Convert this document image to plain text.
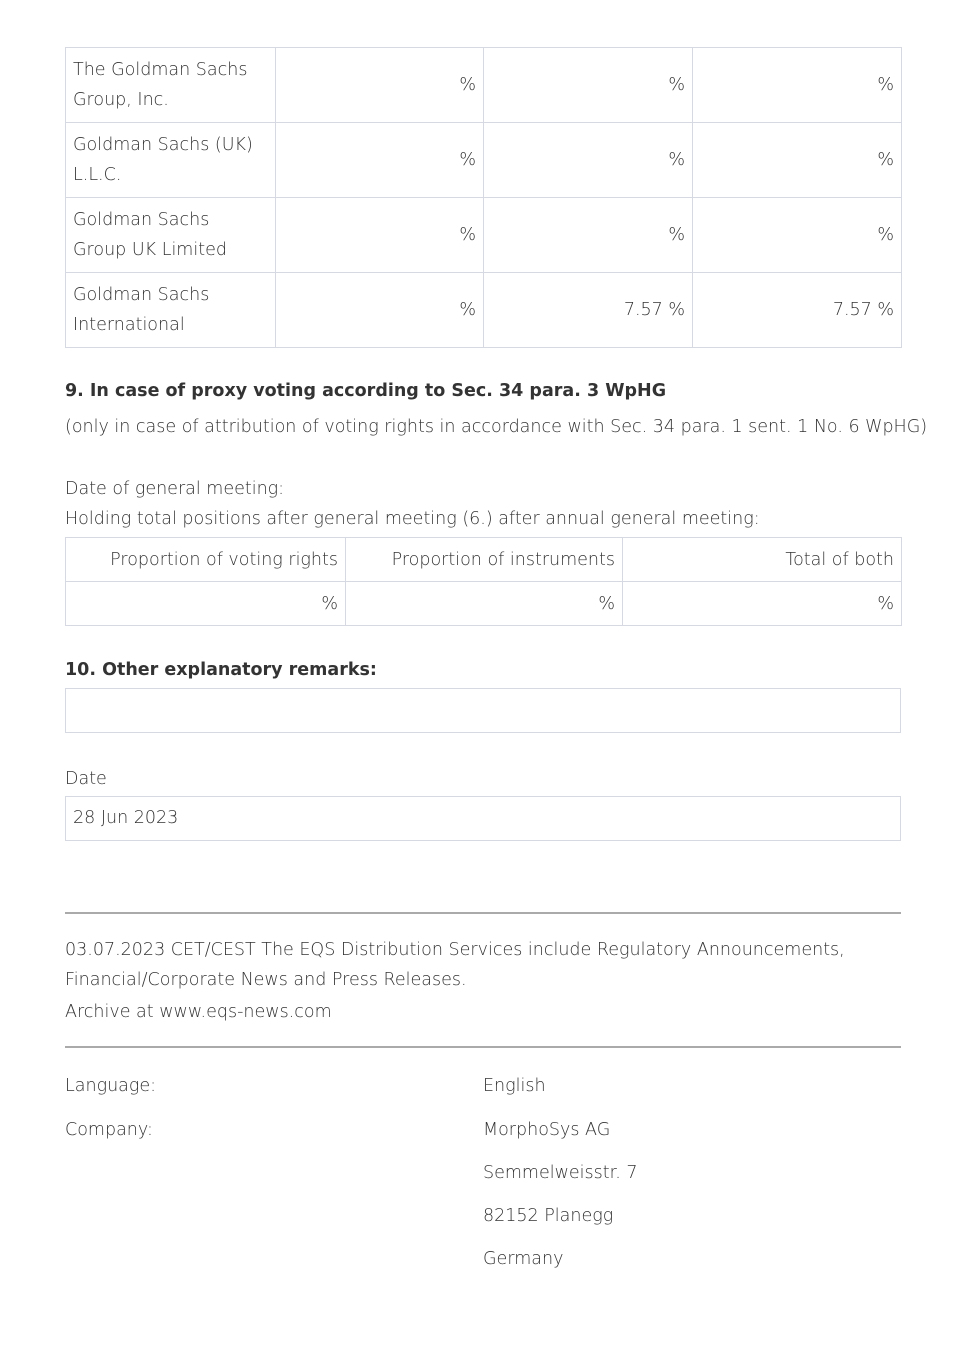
The Goldman Sachs Group, Inc.	%	%	%
Goldman Sachs (UK) L.L.C.	%	%	%
Goldman Sachs Group UK Limited	%	%	%
Goldman Sachs International	%	7.57 %	7.57 %
9. In case of proxy voting according to Sec. 34 para. 3 WpHG
(only in case of attribution of voting rights in accordance with Sec. 34 para. 1 sent. 1 No. 6 WpHG)
Date of general meeting:
Holding total positions after general meeting (6.) after annual general meeting:
Proportion of voting rights	Proportion of instruments	Total of both
%	%	%
10. Other explanatory remarks:
Date
28 Jun 2023
03.07.2023 CET/CEST The EQS Distribution Services include Regulatory Announcements, Financial/Corporate News and Press Releases.
Archive at www.eqs-news.com
Language:	English
Company:	MorphoSys AG
Semmelweisstr. 7
82152 Planegg
Germany
